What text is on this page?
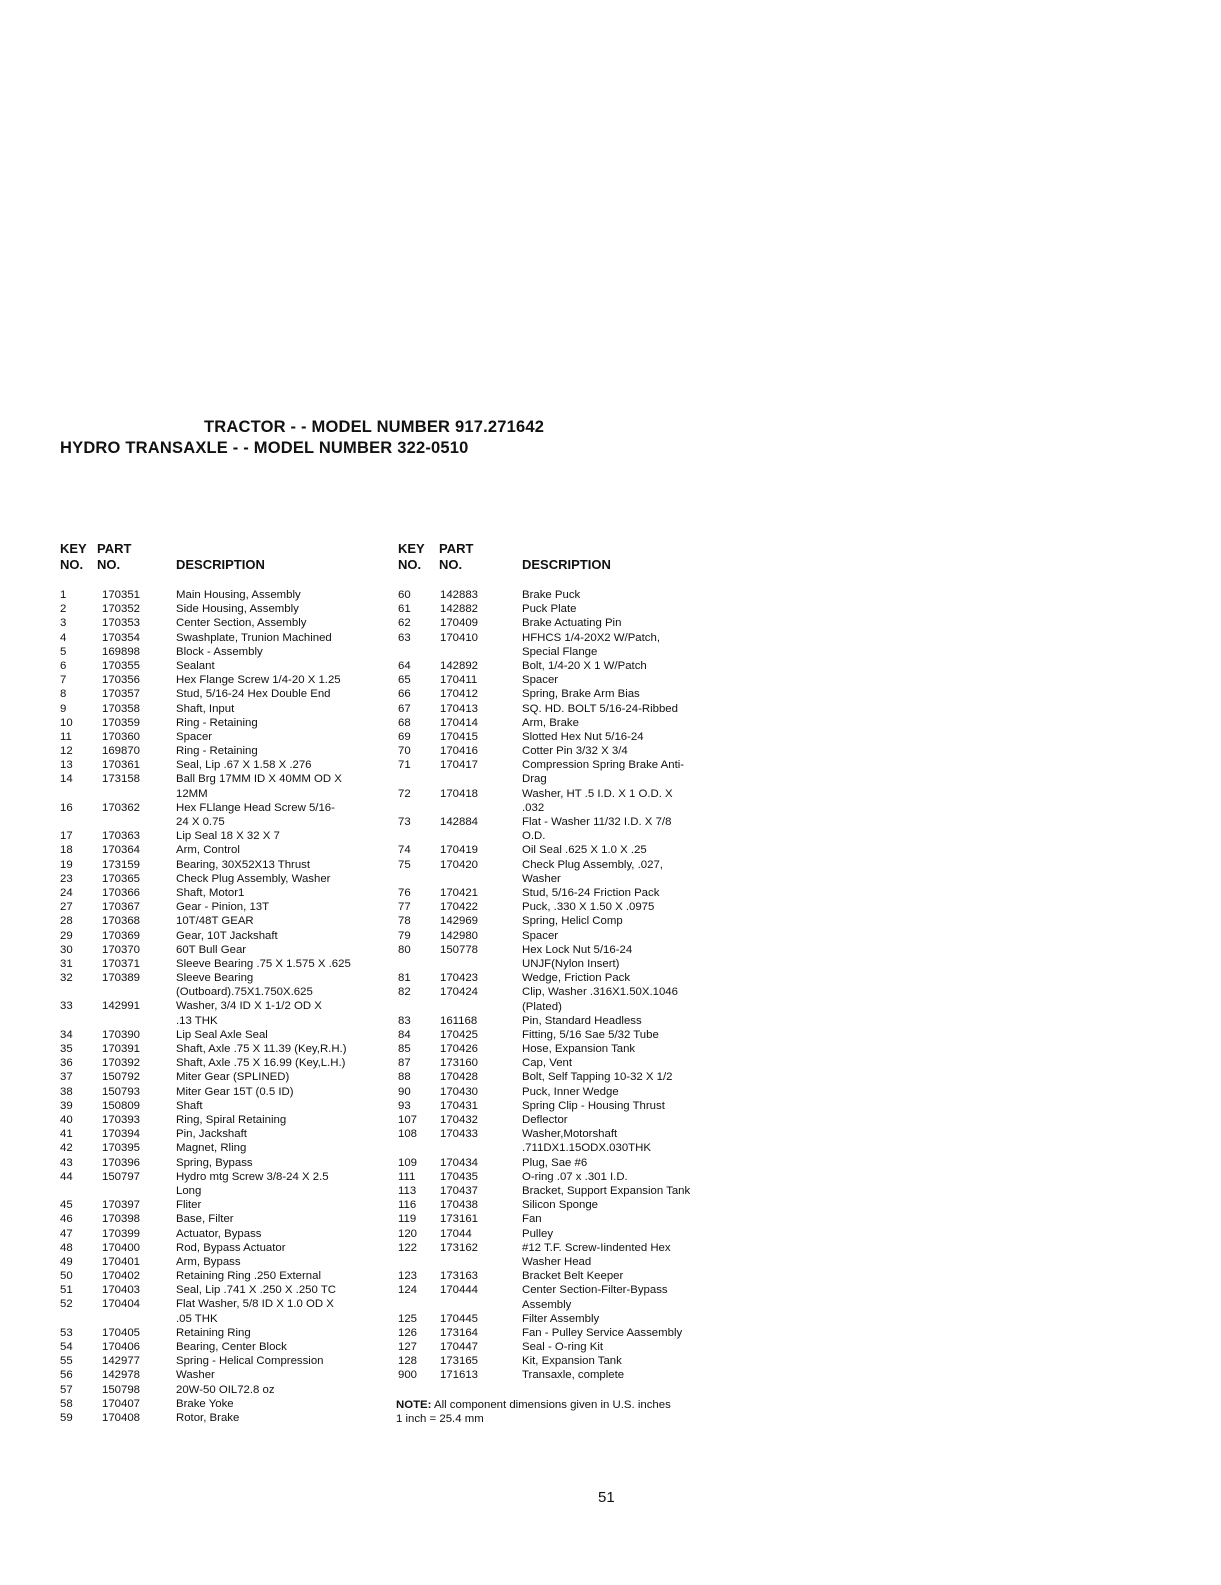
TRACTOR - - MODEL NUMBER 917.271642
HYDRO TRANSAXLE - - MODEL NUMBER 322-0510
KEY
NO.
PART
NO.	DESCRIPTION
KEY
NO.
PART
NO.	DESCRIPTION
1	170351	Main Housing, Assembly
2	170352	Side Housing, Assembly
3	170353	Center Section, Assembly
4	170354	Swashplate, Trunion Machined
5	169898	Block - Assembly
6	170355	Sealant
7	170356	Hex Flange Screw 1/4-20 X 1.25
8	170357	Stud, 5/16-24 Hex Double End
9	170358	Shaft, Input
10	170359	Ring - Retaining
11	170360	Spacer
12	169870	Ring - Retaining
13	170361	Seal, Lip .67 X 1.58 X .276
14	173158	Ball Brg 17MM ID X 40MM OD X
12MM
16	170362	Hex FLlange Head Screw 5/16-
24 X 0.75
17	170363	Lip Seal 18 X 32 X 7
18	170364	Arm, Control
19	173159	Bearing, 30X52X13 Thrust
23	170365	Check Plug Assembly, Washer
24	170366	Shaft, Motor1
27	170367	Gear - Pinion, 13T
28	170368	10T/48T GEAR
29	170369	Gear, 10T Jackshaft
30	170370	60T Bull Gear
31	170371	Sleeve Bearing .75 X 1.575 X .625
32	170389	Sleeve Bearing
(Outboard).75X1.750X.625
33	142991	Washer, 3/4 ID X 1-1/2 OD X
.13 THK
34	170390	Lip Seal Axle Seal
35	170391	Shaft, Axle .75 X 11.39 (Key,R.H.)
36	170392	Shaft, Axle .75 X 16.99 (Key,L.H.)
37	150792	Miter Gear (SPLINED)
38	150793	Miter Gear 15T (0.5 ID)
39	150809	Shaft
40	170393	Ring, Spiral Retaining
41	170394	Pin, Jackshaft
42	170395	Magnet, Rling
43	170396	Spring, Bypass
44	150797	Hydro mtg Screw 3/8-24 X 2.5
Long
45	170397	Fliter
46	170398	Base, Filter
47	170399	Actuator, Bypass
48	170400	Rod, Bypass Actuator
49	170401	Arm, Bypass
50	170402	Retaining Ring .250 External
51	170403	Seal, Lip .741 X .250 X .250 TC
52	170404	Flat Washer, 5/8 ID X 1.0 OD X
.05 THK
53	170405	Retaining Ring
54	170406	Bearing, Center Block
55	142977	Spring - Helical Compression
56	142978	Washer
57	150798	20W-50 OIL72.8 oz
58	170407	Brake Yoke
59	170408	Rotor, Brake
60	142883	Brake Puck
61	142882	Puck Plate
62	170409	Brake Actuating Pin
63	170410	HFHCS 1/4-20X2 W/Patch,
Special Flange
64	142892	Bolt, 1/4-20 X 1 W/Patch
65	170411	Spacer
66	170412	Spring, Brake Arm Bias
67	170413	SQ. HD. BOLT 5/16-24-Ribbed
68	170414	Arm, Brake
69	170415	Slotted Hex Nut 5/16-24
70	170416	Cotter Pin 3/32 X 3/4
71	170417	Compression Spring Brake Anti-
Drag
72	170418	Washer, HT .5 I.D. X 1 O.D. X
.032
73	142884	Flat - Washer 11/32 I.D. X 7/8
O.D.
74	170419	Oil Seal .625 X 1.0 X .25
75	170420	Check Plug Assembly, .027,
Washer
76	170421	Stud, 5/16-24 Friction Pack
77	170422	Puck, .330 X 1.50 X .0975
78	142969	Spring, Helicl Comp
79	142980	Spacer
80	150778	Hex Lock Nut 5/16-24
UNJF(Nylon Insert)
81	170423	Wedge, Friction Pack
82	170424	Clip, Washer .316X1.50X.1046
(Plated)
83	161168	Pin, Standard Headless
84	170425	Fitting, 5/16 Sae 5/32 Tube
85	170426	Hose, Expansion Tank
87	173160	Cap, Vent
88	170428	Bolt, Self Tapping 10-32 X 1/2
90	170430	Puck, Inner Wedge
93	170431	Spring Clip - Housing Thrust
107 170432	Deflector
108 170433	Washer,Motorshaft
.711DX1.15ODX.030THK
109 170434	Plug, Sae #6
111 170435	O-ring .07 x .301 I.D.
113 170437	Bracket, Support Expansion Tank
116 170438	Silicon Sponge
119 173161	Fan
120 17044	Pulley
122 173162	#12 T.F. Screw-Iindented Hex
Washer Head
123 173163	Bracket Belt Keeper
124 170444	Center Section-Filter-Bypass
Assembly
125 170445	Filter Assembly
126 173164	Fan - Pulley Service Aassembly
127 170447	Seal - O-ring Kit
128 173165	Kit, Expansion Tank
900 171613	Transaxle, complete
NOTE: All component dimensions given in U.S. inches
1 inch = 25.4 mm
51
